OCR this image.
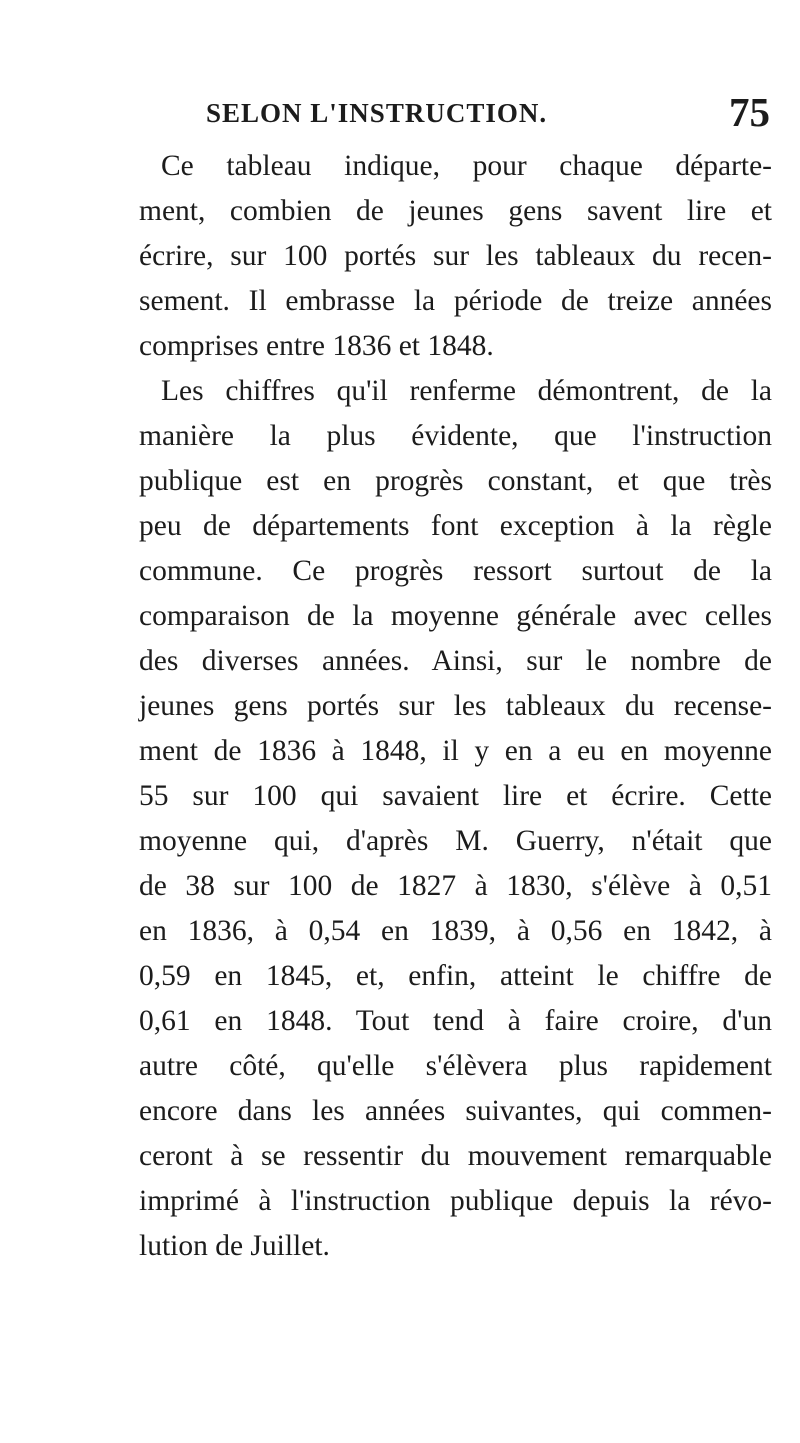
SELON L'INSTRUCTION.	75
Ce tableau indique, pour chaque départe-
ment, combien de jeunes gens savent lire et
écrire, sur 100 portés sur les tableaux du recen-
sement. Il embrasse la période de treize années
comprises entre 1836 et 1848.
Les chiffres qu'il renferme démontrent, de la
manière la plus évidente, que l'instruction
publique est en progrès constant, et que très
peu de départements font exception à la règle
commune. Ce progrès ressort surtout de la
comparaison de la moyenne générale avec celles
des diverses années. Ainsi, sur le nombre de
jeunes gens portés sur les tableaux du recense-
ment de 1836 à 1848, il y en a eu en moyenne
55 sur 100 qui savaient lire et écrire. Cette
moyenne qui, d'après M. Guerry, n'était que
de 38 sur 100 de 1827 à 1830, s'élève à 0,51
en 1836, à 0,54 en 1839, à 0,56 en 1842, à
0,59 en 1845, et, enfin, atteint le chiffre de
0,61 en 1848. Tout tend à faire croire, d'un
autre côté, qu'elle s'élèvera plus rapidement
encore dans les années suivantes, qui commen-
ceront à se ressentir du mouvement remarquable
imprimé à l'instruction publique depuis la révo-
lution de Juillet.
